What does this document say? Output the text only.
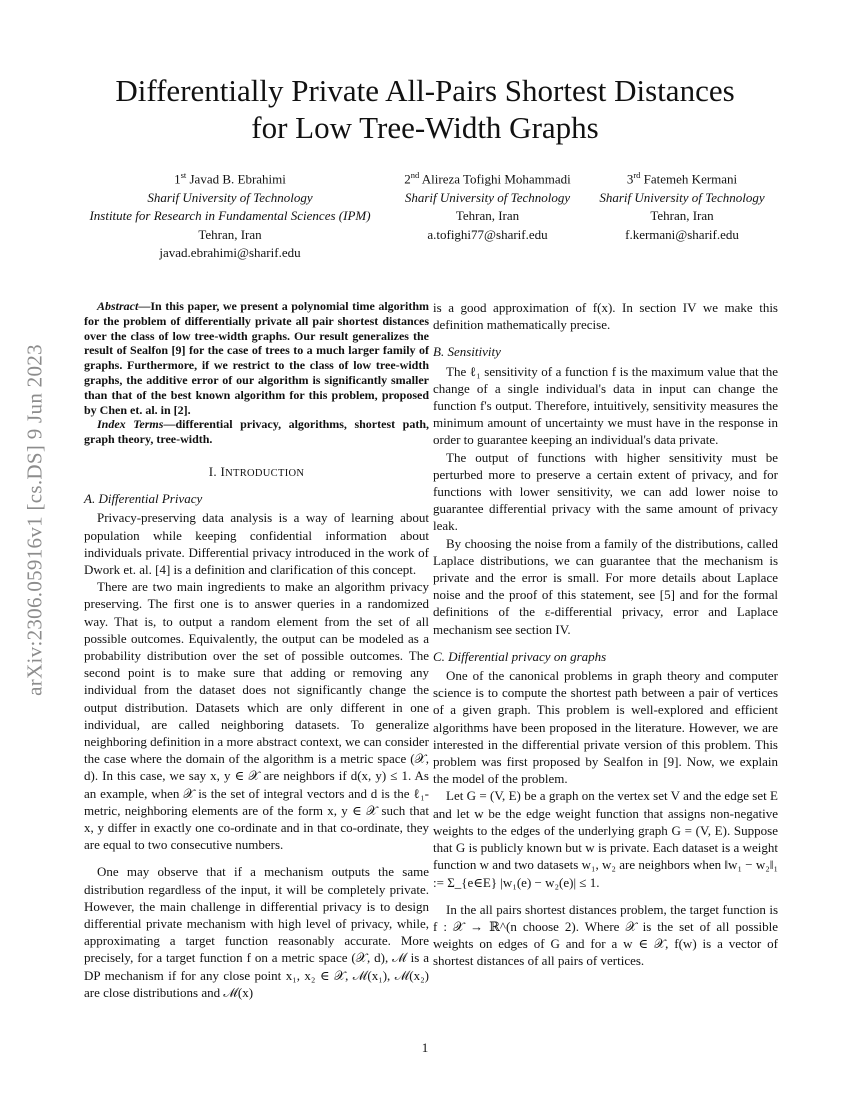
arXiv:2306.05916v1 [cs.DS] 9 Jun 2023
Differentially Private All-Pairs Shortest Distances
for Low Tree-Width Graphs
1st Javad B. Ebrahimi
Sharif University of Technology
Institute for Research in Fundamental Sciences (IPM)
Tehran, Iran
javad.ebrahimi@sharif.edu
2nd Alireza Tofighi Mohammadi
Sharif University of Technology
Tehran, Iran
a.tofighi77@sharif.edu
3rd Fatemeh Kermani
Sharif University of Technology
Tehran, Iran
f.kermani@sharif.edu

Abstract—In this paper, we present a polynomial time algorithm for the problem of differentially private all pair shortest distances over the class of low tree-width graphs. Our result generalizes the result of Sealfon [9] for the case of trees to a much larger family of graphs. Furthermore, if we restrict to the class of low tree-width graphs, the additive error of our algorithm is significantly smaller than that of the best known algorithm for this problem, proposed by Chen et. al. in [2].

Index Terms—differential privacy, algorithms, shortest path, graph theory, tree-width.

I. INTRODUCTION
A. Differential Privacy

Privacy-preserving data analysis is a way of learning about population while keeping confidential information about individuals private. Differential privacy introduced in the work of Dwork et. al. [4] is a definition and clarification of this concept.

There are two main ingredients to make an algorithm privacy preserving. The first one is to answer queries in a randomized way. That is, to output a random element from the set of all possible outcomes. Equivalently, the output can be modeled as a probability distribution over the set of possible outcomes. The second point is to make sure that adding or removing any individual from the dataset does not significantly change the output distribution. Datasets which are only different in one individual, are called neighboring datasets. To generalize neighboring definition in a more abstract context, we can consider the case where the domain of the algorithm is a metric space (𝒳, d). In this case, we say x, y ∈ 𝒳 are neighbors if d(x, y) ≤ 1. As an example, when 𝒳 is the set of integral vectors and d is the ℓ₁-metric, neighboring elements are of the form x, y ∈ 𝒳 such that x, y differ in exactly one co-ordinate and in that co-ordinate, they are equal to two consecutive numbers.

One may observe that if a mechanism outputs the same distribution regardless of the input, it will be completely private. However, the main challenge in differential privacy is to design differential private mechanism with high level of privacy, while, approximating a target function reasonably accurate. More precisely, for a target function f on a metric space (𝒳, d), ℳ is a DP mechanism if for any close point x₁, x₂ ∈ 𝒳, ℳ(x₁), ℳ(x₂) are close distributions and ℳ(x)

is a good approximation of f(x). In section IV we make this definition mathematically precise.

B. Sensitivity

The ℓ₁ sensitivity of a function f is the maximum value that the change of a single individual's data in input can change the function f's output. Therefore, intuitively, sensitivity measures the minimum amount of uncertainty we must have in the response in order to guarantee keeping an individual's data private.

The output of functions with higher sensitivity must be perturbed more to preserve a certain extent of privacy, and for functions with lower sensitivity, we can add lower noise to guarantee differential privacy with the same amount of privacy leak.

By choosing the noise from a family of the distributions, called Laplace distributions, we can guarantee that the mechanism is private and the error is small. For more details about Laplace noise and the proof of this statement, see [5] and for the formal definitions of the ε-differential privacy, error and Laplace mechanism see section IV.

C. Differential privacy on graphs

One of the canonical problems in graph theory and computer science is to compute the shortest path between a pair of vertices of a given graph. This problem is well-explored and efficient algorithms have been proposed in the literature. However, we are interested in the differential private version of this problem. This problem was first proposed by Sealfon in [9]. Now, we explain the model of the problem.

Let G = (V, E) be a graph on the vertex set V and the edge set E and let w be the edge weight function that assigns non-negative weights to the edges of the underlying graph G = (V, E). Suppose that G is publicly known but w is private. Each dataset is a weight function w and two datasets w₁, w₂ are neighbors when ‖w₁ − w₂‖₁ := Σ_{e∈E} |w₁(e) − w₂(e)| ≤ 1.

In the all pairs shortest distances problem, the target function is f : 𝒳 → ℝ^(n choose 2). Where 𝒳 is the set of all possible weights on edges of G and for a w ∈ 𝒳, f(w) is a vector of shortest distances of all pairs of vertices.

1
